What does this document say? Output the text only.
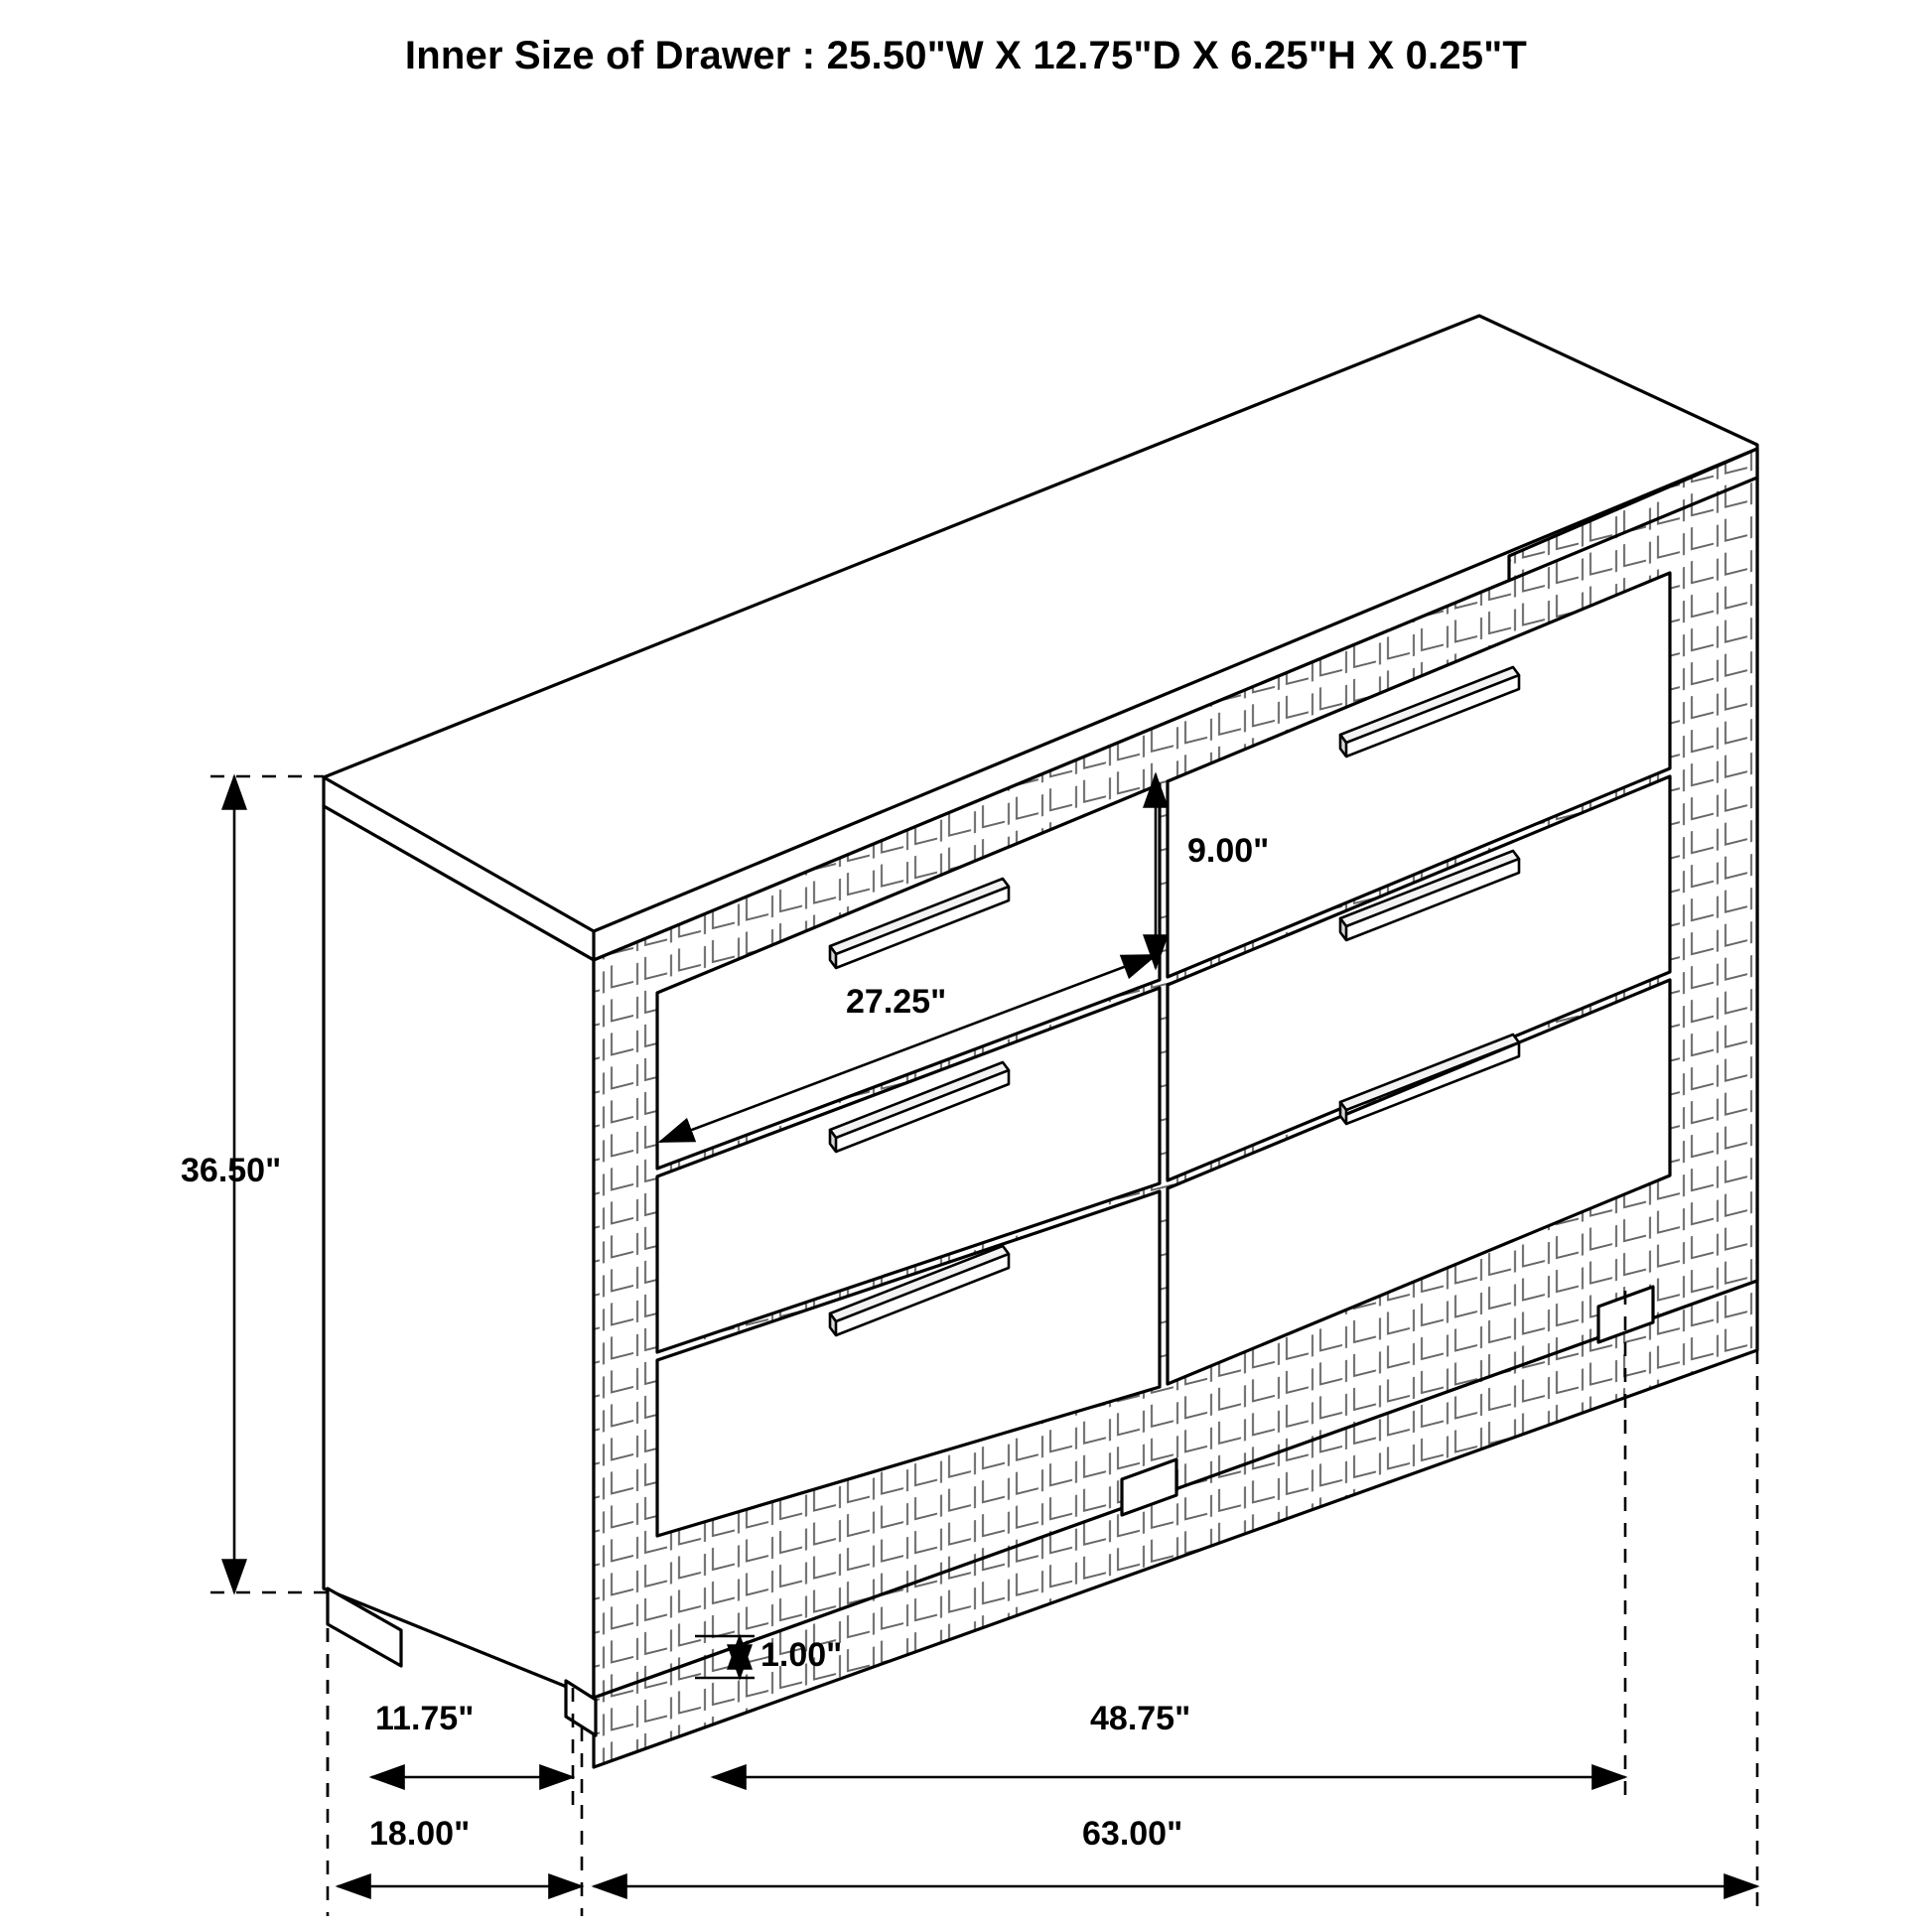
Inner Size of Drawer : 25.50"W X 12.75"D X 6.25"H X 0.25"T
36.50"
9.00"
27.25"
1.00"
11.75"	48.75"
18.00"	63.00"
